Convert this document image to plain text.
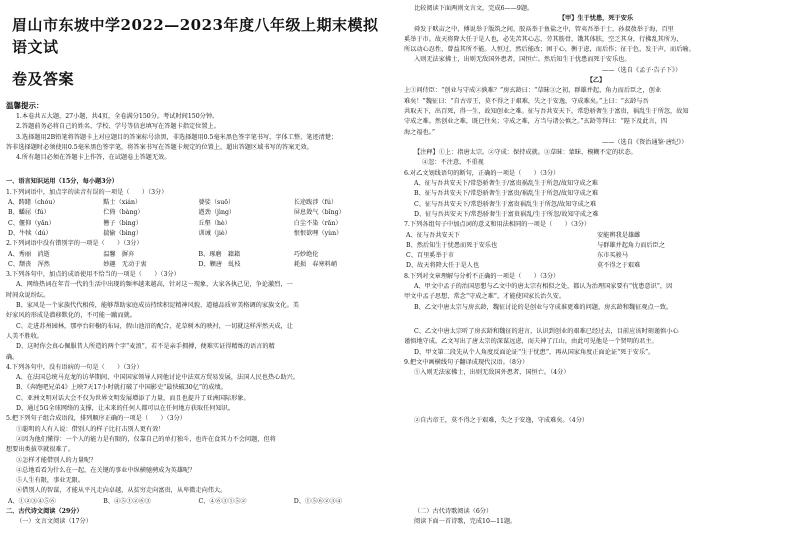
眉山市东坡中学2022—2023年度八年级上期末模拟语文试
卷及答案
温馨提示：
1.本卷共五大题，27小题，共4页，全卷满分150分。考试时间150分钟。
2.答题前务必将自己的姓名、学校、学号等信息填写在答题卡指定位置上。
3.选择题用2B铅笔将答题卡上对应题目的答案标号涂黑，非选择题用0.5毫米黑色签字笔书写，字体工整、笔迹清楚；
答非选择题时必须使用0.5毫米黑色签字笔，将答案书写在答题卡规定的位置上，超出答题区域书写的答案无效。
4.所有题目必须在答题卡上作答，在试题卷上答题无效。
一、语言知识运用（15分，每小题3分）
1.下列词语中，加点字的读音有误的一项是（　　）（3分）
A、踌躇（chóu）	黠士（xián）	婆娑（suō）	长途跋涉（fú）
B、蟠屈（fú）	伫倚（bàng）	遒劲（jìng）	屏息敛气（bǐng）
C、偃仰（yǎn）	簪子（bìng）	丘壑（hè）	白尘不染（rǎn）
D、牛犊（dú）	揣偷（bìng）	训诫（jiè）	恨恨欲哩（yùn）
2.下列词语中没有错别字的一项是（　　）（3分）
A、秀丽　消逝	温馨　摒弃	B、琢磨　籍籍	巧妙绝伦
C、颓丧　浑然	妙趣　无动于衷	D、颗唐　虬枝	耗损　春寒料峭
3.下列各句中，加点的成语使用不恰当的一项是（　　）（3分）
A、网络热词在年青一代的生活中出现的频率越来越高，针对这一现象，大家各执己见，争论激烈，一
时间众说纷纭。
B、家风是一个家族代代相传，能够帮助家庭成员持续积淀精神风貌、道德品质审美格调的家族文化。美
好家风的形成是潜移默化的，不可能一蹴而就。
C、走进苏州园林，那亭台轩榭的布局，假山池沼的配合，花草树木的映衬，一切就这样浑然天成，让
人美不胜收。
D、这时你会真心佩服昔人所造的两个字“麦浪”，若不是亲手拥搏，便难实证得精炼的语言的精
确。
4.下列各句中，没有语病的一句是（　　）（3分）
A、在法国总统马克龙的访华期间，中国国家领导人同他讨论中法双方贸易发展，法国人民也热心助兴。
B、《奔跑吧兄弟4》上映7天17小时就打破了中国影史“最快破30亿”的成绩。
C、亚洲文明对话大会不仅为世界文明发展增添了力量，而且也提升了亚洲国际形象。
D、通过5G全球网络的支撑，让未来的任何人都可以在任何地方获取任何知识。
5.把下列句子组合成语段，排列顺序正确的一项是（　　）（3分）
①聪明的人有人说：借别人的样子比打击别人更有效！
②因为他们懂得：一个人的能力是有限的，仅靠自己的单打独斗，也许在食其力不会问题，但将
想要出类拔萃就很难了。
③怎样才能借别人的力量呢？
④总地看看为什么在一起，在关键的事业中纵横驰骋成为英雄呢？
⑤人生有限，事业无限。
⑥借别人的智谋，才能从平凡走向卓越，从贫穷走向富贵，从卑微走向伟大。
A、①②③④⑤⑥	B、④⑤①②⑥③	C、④⑥③①⑤②	D、①⑤⑥②③④
二、古代诗文阅读（29分）
（一）文言文阅读（17分）
比较阅读下面两则文言文，完成6——9题。
【甲】生于忧患，死于安乐
舜发于畎亩之中，傅说举于版筑之间，胶鬲举于鱼盐之中，管夷吾举于士，孙叔敖举于海，百里
奚举于市。故天将降大任于是人也，必先苦其心志，劳其筋骨，饿其体肤，空乏其身，行拂乱其所为，
所以动心忍性，曾益其所不能。人恒过，然后能改；困于心，衡于虑，而后作；征于色，发于声，而后喻。
入则无法家拂士，出则无敌国外患者，国恒亡。然后知生于忧患而死于安乐也。
　　　　　　　　　　　　　　　　　　　　　　　　　　　　　　　　——（选自《孟子·告子下》）
【乙】
上①问侍臣：“创业与守成②孰难？”房玄龄曰：“草昧③之初，群雄并起，角力而后臣之，创业
难矣！”魏征曰：“自古帝王，莫不得之于艰难，失之于安逸，守成难矣。”上曰：“玄龄与吾
共取天下，出百死，得一生，故知创业之难。征与吾共安天下，常恐骄奢生于富贵，祸乱生于所忽，故知
守成之难。然创业之难，既已往矣；守成之难，方当与诸公慎之。”玄龄等拜曰：“陛下及此言，四
海之福也。”
　　　　　　　　　　　　　　　　　　　　　　　　　　　　　　　　——（选自《资治通鉴·唐纪》）
【注释】①上：指唐太宗。②守成：保持成就。③草昧：蒙昧、模糊不定的状态。
④忽：不注意，不重视
6.对乙文划线语句的断句，正确的一项是（　　）（3分）
A、征与吾共安天下/常恐骄奢生于/富贵祸乱生于所忽/故知守成之难
B、征与吾共安天下/常恐骄奢生于富贵/祸乱生于所忽/故知守成之难
C、征与吾共安天下/常恐骄奢生于富贵祸乱生于所忽/故知守成之难
D、征与吾共安天下/常恐骄奢生于富贵祸乱/生于所忽/故知守成之难
7.下列各组句子中加点词的意义和用法相同的一项是（　　）（3分）
A、征与吾共安天下	安能辨我是雄雌
B、然后知生于忧患而死于安乐也	与群雄并起角力而后臣之
C、百里奚举于市	东市买骏马
D、故天将降大任于是人也	莫不得之于艰难
8.下列对文章理解与分析不正确的一项是（　　）（3分）
A、甲文中孟子的治国思想与乙文中的唐太宗有相似之处，都认为治理国家要有“忧患意识”，因
甲文中孟子思想，常念“守成之难”，才能使国家长治久安。
B、乙文中唐太宗与房玄龄，魏征讨论的是创业与守成谁更难的问题，房玄龄和魏征观点一致。
C、乙文中唐太宗听了房玄龄和魏征的进言，认识到创业的艰难已经过去，目前应该时刻谨慎小心
谨慎地守成。乙文写出了唐太宗的深谋远虑，而夫神了江山，由此可见他是一个贤明的君主。
D、甲文第二段先从个人角度反面论证“生于忧患”，再从国家角度正面论证“死于安乐”。
9.把文中画横线句子翻译成现代汉语。（8分）
①入则无法家拂士，出则无敌国外患者，国恒亡。（4分）
②自古帝王，莫不得之于艰难，失之于安逸，守成难矣。（4分）
（二）古代诗歌阅读（6分）
阅读下面一首诗歌，完成10—11题。
